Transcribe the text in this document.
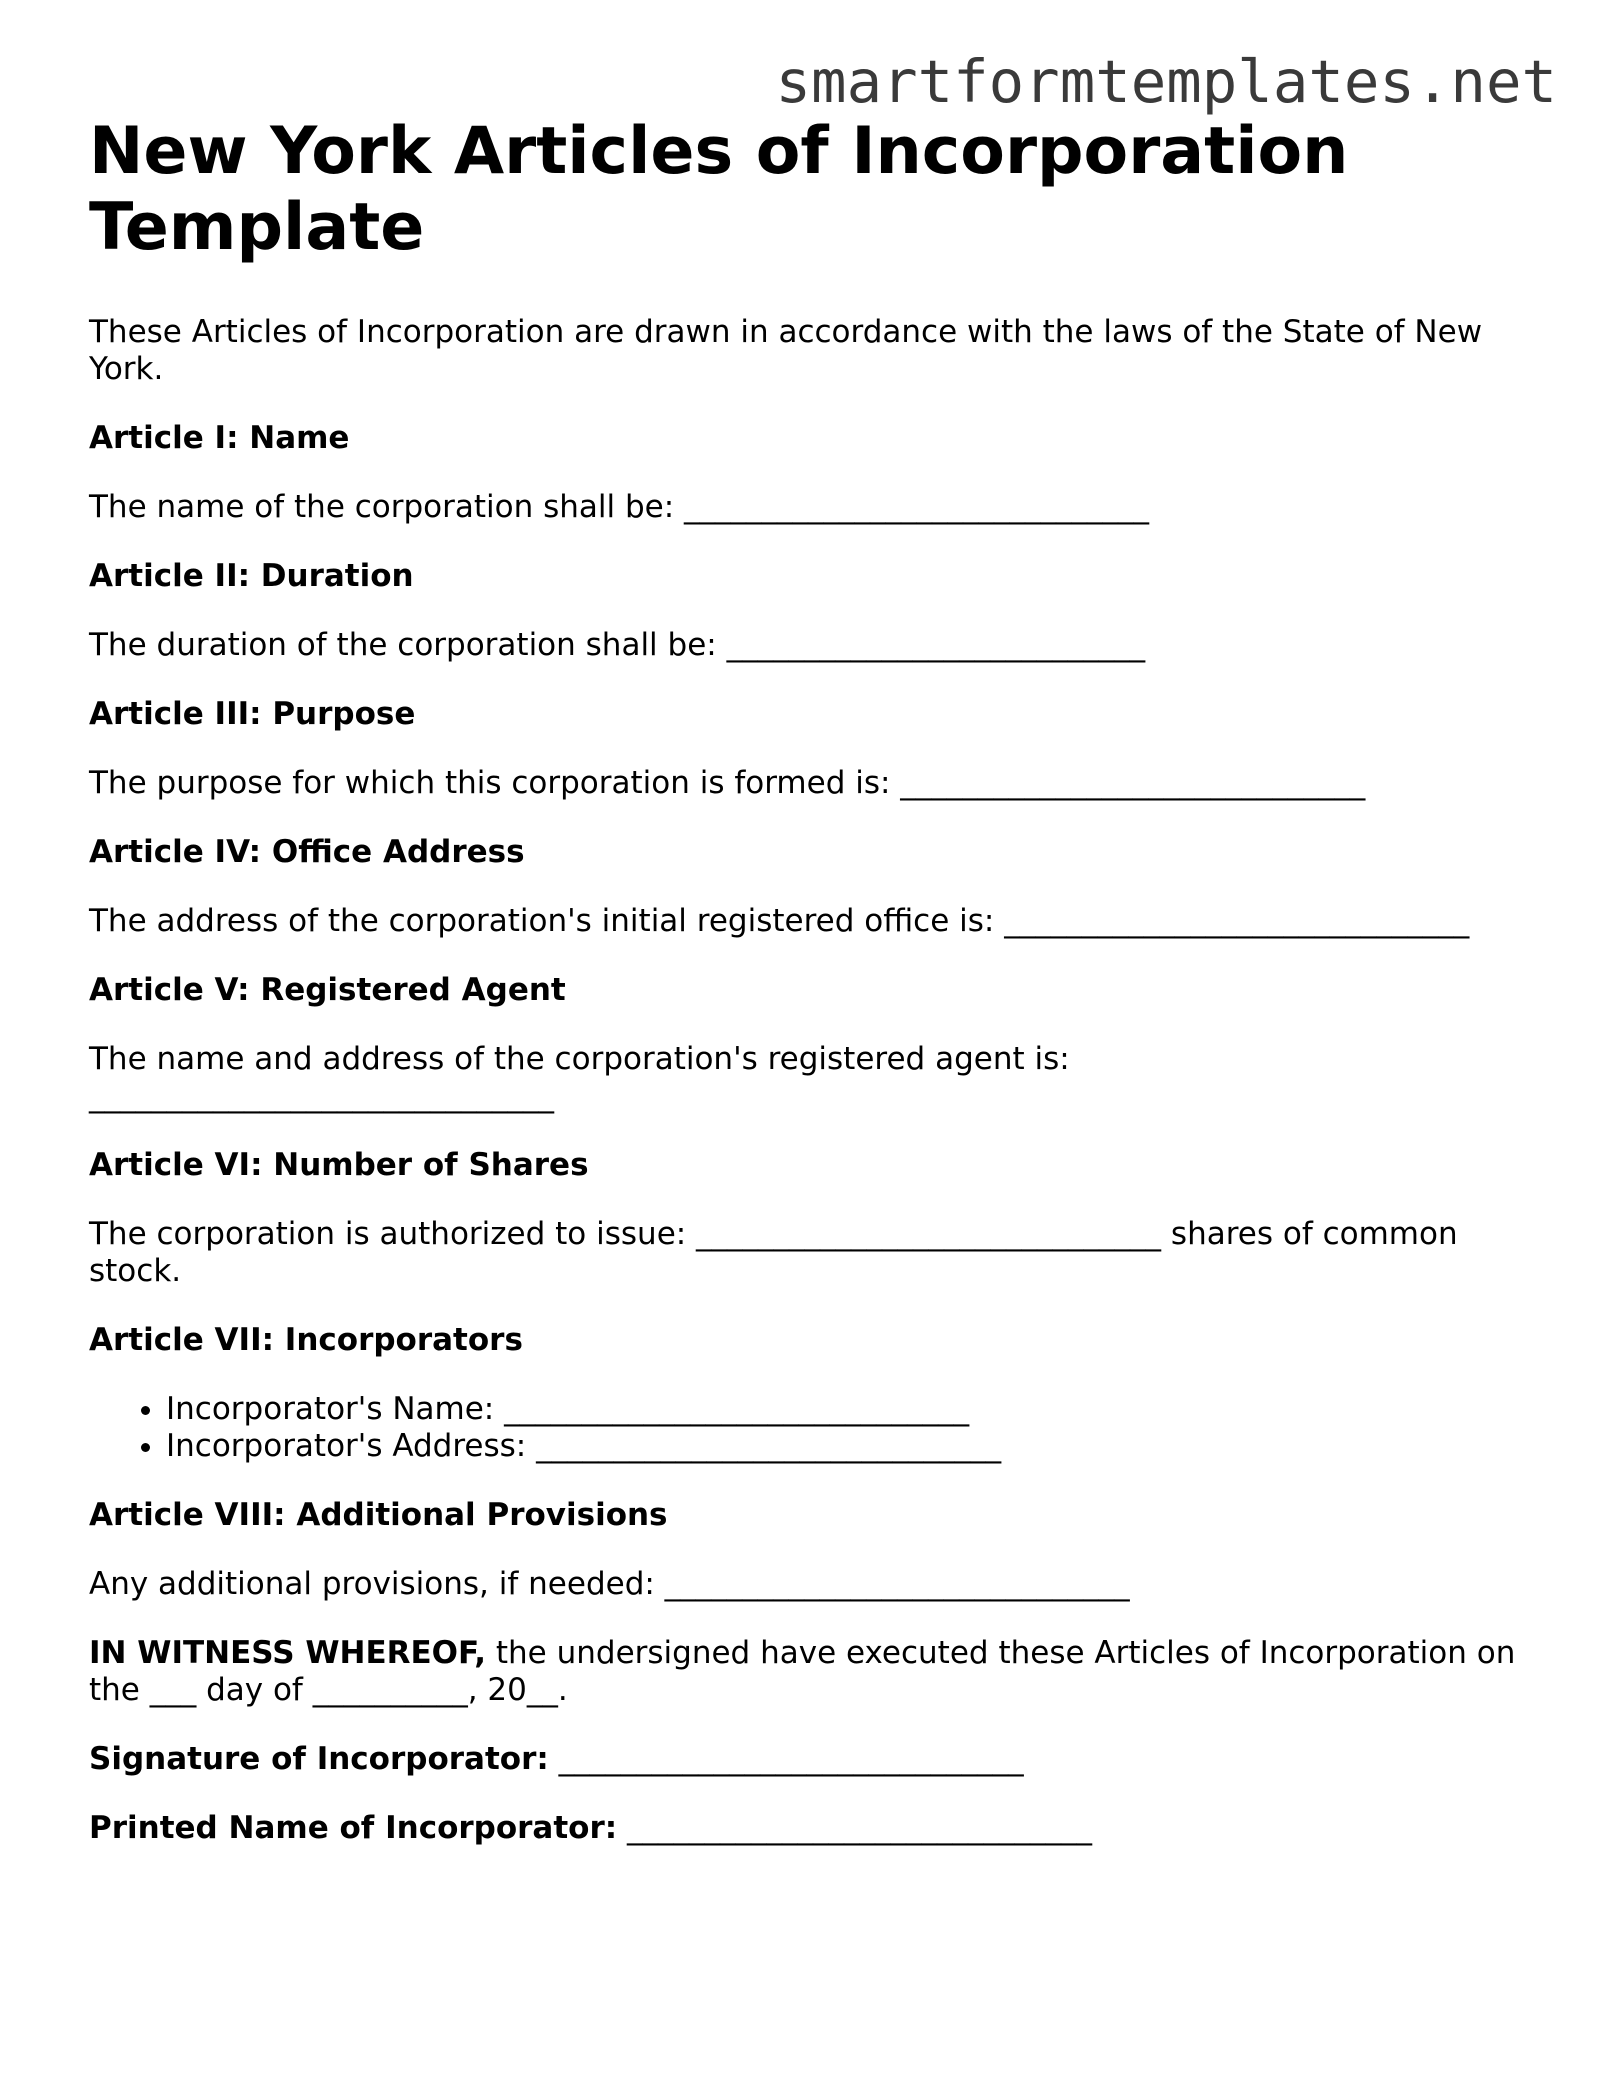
smartformtemplates.net
New York Articles of Incorporation Template

These Articles of Incorporation are drawn in accordance with the laws of the State of New York.

Article I: Name

The name of the corporation shall be: ______________________________

Article II: Duration

The duration of the corporation shall be: ___________________________

Article III: Purpose

The purpose for which this corporation is formed is: ______________________________

Article IV: Office Address

The address of the corporation's initial registered office is: ______________________________

Article V: Registered Agent

The name and address of the corporation's registered agent is: ______________________________

Article VI: Number of Shares

The corporation is authorized to issue: ______________________________ shares of common stock.

Article VII: Incorporators

• Incorporator's Name: ______________________________
• Incorporator's Address: ______________________________

Article VIII: Additional Provisions

Any additional provisions, if needed: ______________________________

IN WITNESS WHEREOF, the undersigned have executed these Articles of Incorporation on the ___ day of __________, 20__.

Signature of Incorporator: ______________________________

Printed Name of Incorporator: ______________________________
